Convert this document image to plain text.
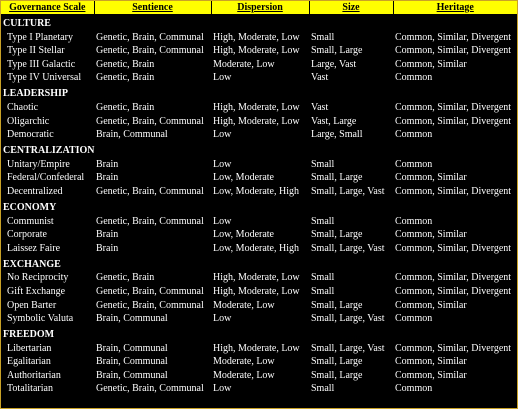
Governance Scale	Sentience	Dispersion	Size	Heritage
CULTURE				
Type I Planetary	Genetic, Brain, Communal	High, Moderate, Low	Small	Common, Similar, Divergent
Type II Stellar	Genetic, Brain, Communal	High, Moderate, Low	Small, Large	Common, Similar, Divergent
Type III Galactic	Genetic, Brain	Moderate, Low	Large, Vast	Common, Similar
Type IV Universal	Genetic, Brain	Low	Vast	Common
LEADERSHIP				
Chaotic	Genetic, Brain	High, Moderate, Low	Vast	Common, Similar, Divergent
Oligarchic	Genetic, Brain, Communal	High, Moderate, Low	Vast, Large	Common, Similar, Divergent
Democratic	Brain, Communal	Low	Large, Small	Common
CENTRALIZATION				
Unitary/Empire	Brain	Low	Small	Common
Federal/Confederal	Brain	Low, Moderate	Small, Large	Common, Similar
Decentralized	Genetic, Brain, Communal	Low, Moderate, High	Small, Large, Vast	Common, Similar, Divergent
ECONOMY				
Communist	Genetic, Brain, Communal	Low	Small	Common
Corporate	Brain	Low, Moderate	Small, Large	Common, Similar
Laissez Faire	Brain	Low, Moderate, High	Small, Large, Vast	Common, Similar, Divergent
EXCHANGE				
No Reciprocity	Genetic, Brain	High, Moderate, Low	Small	Common, Similar, Divergent
Gift Exchange	Genetic, Brain, Communal	High, Moderate, Low	Small	Common, Similar, Divergent
Open Barter	Genetic, Brain, Communal	Moderate, Low	Small, Large	Common, Similar
Symbolic Valuta	Brain, Communal	Low	Small, Large, Vast	Common
FREEDOM				
Libertarian	Brain, Communal	High, Moderate, Low	Small, Large, Vast	Common, Similar, Divergent
Egalitarian	Brain, Communal	Moderate, Low	Small, Large	Common, Similar
Authoritarian	Brain, Communal	Moderate, Low	Small, Large	Common, Similar
Totalitarian	Genetic, Brain, Communal	Low	Small	Common
